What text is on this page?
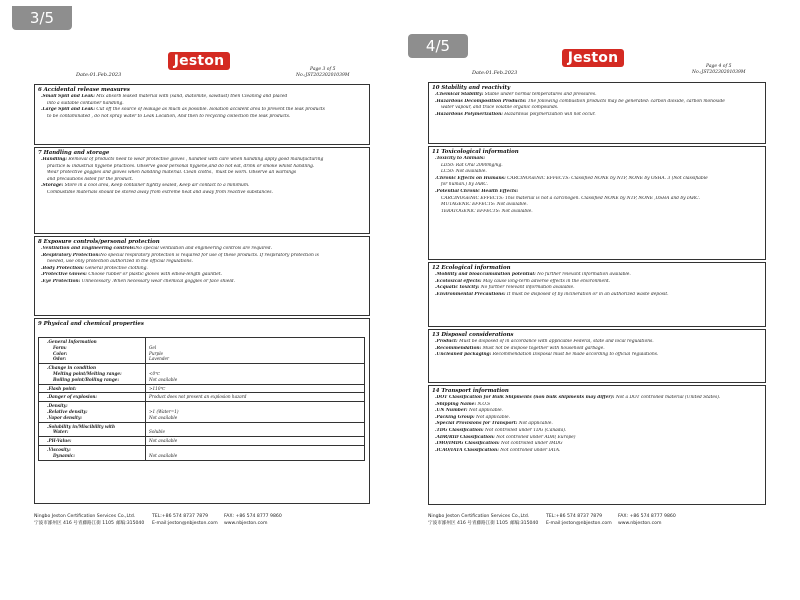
3/5
Jeston
Date:01.Feb.2023
Page 3 of 5
No.:JST20230201039M
6 Accidental release measures
.Small Spill and Leak: Mix absorb leaked material with (sand, diatomite, sawdust) then Cleaning and placed
into a suitable container handling.
.Large Spill and Leak: Cut off the source of leakage as much as possible. Isolation accident area to prevent the leak products
to be contaminated , do not spray water to Leak Location, And then to recycling collection the leak products.
7 Handling and storage
.Handling: Removal of products need to wear protective gloves , handled with care when handling apply good manufacturing
practice & industrial hygiene practices. Observe good personal hygiene,and do not eat, drink or smoke whilst handling.
Wear protective goggles and gloves when handling material. Clean cloths、must be worn. Observe all warnings
and precautions listed for the product.
.Storage: Store in a cool area, Keep container tightly sealed, Keep air contact to a minimum.
Combustible materials should be stored away from extreme heat and away from reactive substances.
8 Exposure controls/personal protection
.Ventilation and Engineering controls:No special ventilation and engineering controls are required.
.Respiratory Protection:No special respiratory protection is required for use of these products. If respiratory protection is
needed, use only protection authorized in the official regulations.
.Body Protection: General protective clothing.
.Protective Gloves: Choose rubber or plastic gloves with elbow-length gauntlet.
.Eye Protection: Unnecessary .When necessary wear chemical goggles or face shield.
9 Physical and chemical properties
.General Information
Form:	Gel
Color:	Purple
Odor:	Lavender
.Change in condition
Melting point/Melting range:	<0℃
Boiling point/Boiling range:	Not available
.Flash point:	>110℃
.Danger of explosion:	Product does not present an explosion hazard
.Density:
.Relative density:	>1 (Water=1)
.Vapor density:	Not available
.Solubility in/Miscibility with
Water:	Soluble
.PH-Value:	Not available
.Viscosity:
Dynamic:	Not available
Ningbo Jeston Certification Services Co.,Ltd.	TEL:+86 574 8737 7879	FAX: +86 574 8777 9860
宁波市鄙州区 416 号青藤路江街 1105 邮编:315040 E-mail:jeston@nbjeston.com www.nbjeston.com
4/5
Jeston
Date:01.Feb.2023
Page 4 of 5
No.:JST20230201039M
10 Stability and reactivity
.Chemical Stability: Stable under normal temperatures and pressures.
.Hazardous Decomposition Products: The following combustion products may be generated: carbon dioxide, carbon monoxide
water vapour, and trace volatile organic compounds.
.Hazardous Polymerization: Hazardous polymerization will not occur.
11 Toxicological information
.Toxicity to Animals:
LD50: Rat Oral 2000mg/kg.
LC50: Not available.
.Chronic Effects on Humans: CARCINOGENIC EFFECTS: Classified NONE by NTP, NONE by OSHA. 3 (Not classifiable
for human.) by IARC.
.Potential Chronic Health Effects:
CARCINOGENIC EFFECTS: This material is not a carcinogen. Classified NONE by NTP, NONE ,OSHA and by IARC.
MUTAGENIC EFFECTS: Not available.
TERATOGENIC EFFECTS: Not available.
12 Ecological information
.Mobility and bioaccumulation potential: No further relevant information available.
.Ecotoxical effects: May cause long-term adverse effects in the environment.
.Acquatic toxicity: No further relevant information available.
.Environmental Precautions: It must be disposed of by incineration or in an authorized waste deposit.
13 Disposal considerations
.Product: Must be disposed of in accordance with applicable Federal, state and local regulations.
.Recommendation: Must not be dispose together with household garbage.
.Uncleaned packaging: Recommendation Disposal must be made according to official regulations.
14 Transport information
.DOT Classification for Bulk Shipments (non bulk shipments may differ): Not a DOT controlled material (United States).
.Shipping Name: N.O.S
.UN Number: Not applicable.
.Packing Group: Not applicable.
.Special Provisions for Transport: Not applicable.
.TDG Classification: Not controlled under TDG (Canada).
.ADR/RID Classification: Not controlled under ADR( Europe)
.IMO/IMDG Classification: Not controlled under IMDG
.ICAO/IATA Classification: Not controlled under IATA.
Ningbo Jeston Certification Services Co.,Ltd.	TEL:+86 574 8737 7879	FAX: +86 574 8777 9860
宁波市鄙州区 416 号青藤路江街 1105 邮编:315040 E-mail:jeston@nbjeston.com www.nbjeston.com
